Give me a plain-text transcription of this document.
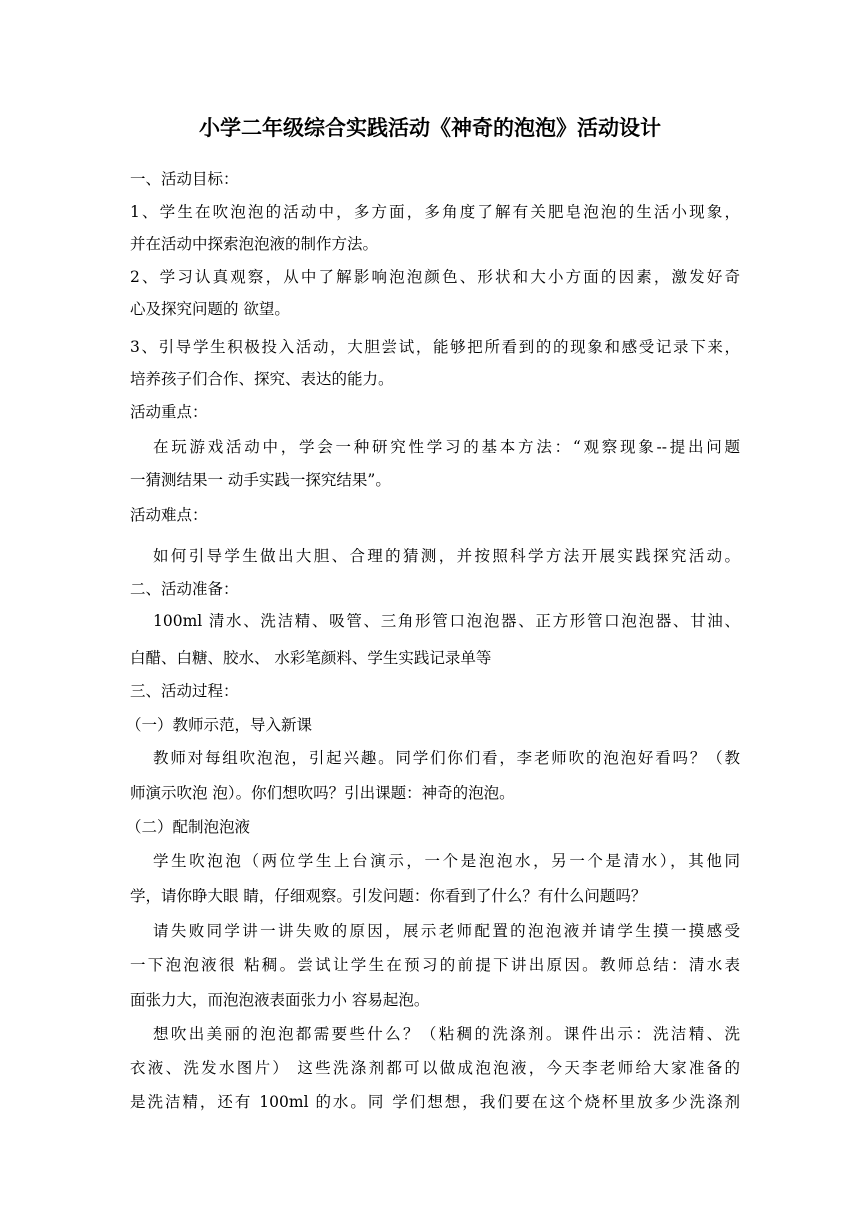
小学二年级综合实践活动《神奇的泡泡》活动设计
一、活动目标：
1、学生在吹泡泡的活动中，多方面，多角度了解有关肥皂泡泡的生活小现象，
并在活动中探索泡泡液的制作方法。
2、学习认真观察，从中了解影响泡泡颜色、形状和大小方面的因素，激发好奇
心及探究问题的 欲望。
3、引导学生积极投入活动，大胆尝试，能够把所看到的的现象和感受记录下来，
培养孩子们合作、探究、表达的能力。
活动重点：
在玩游戏活动中，学会一种研究性学习的基本方法：“观察现象--提出问题
一猜测结果一 动手实践一探究结果”。
活动难点：
如何引导学生做出大胆、合理的猜测，并按照科学方法开展实践探究活动。
二、活动准备：
100ml 清水、洗洁精、吸管、三角形管口泡泡器、正方形管口泡泡器、甘油、
白醋、白糖、胶水、 水彩笔颜料、学生实践记录单等
三、活动过程：
（一）教师示范，导入新课
教师对每组吹泡泡，引起兴趣。同学们你们看，李老师吹的泡泡好看吗？（教
师演示吹泡 泡）。你们想吹吗？引出课题：神奇的泡泡。
（二）配制泡泡液
学生吹泡泡（两位学生上台演示，一个是泡泡水，另一个是清水），其他同
学，请你睁大眼 睛，仔细观察。引发问题：你看到了什么？有什么问题吗？
请失败同学讲一讲失败的原因，展示老师配置的泡泡液并请学生摸一摸感受
一下泡泡液很 粘稠。尝试让学生在预习的前提下讲出原因。教师总结：清水表
面张力大，而泡泡液表面张力小 容易起泡。
想吹出美丽的泡泡都需要些什么？（粘稠的洗涤剂。课件出示：洗洁精、洗
衣液、洗发水图片） 这些洗涤剂都可以做成泡泡液，今天李老师给大家准备的
是洗洁精，还有 100ml 的水。同 学们想想，我们要在这个烧杯里放多少洗涤剂
